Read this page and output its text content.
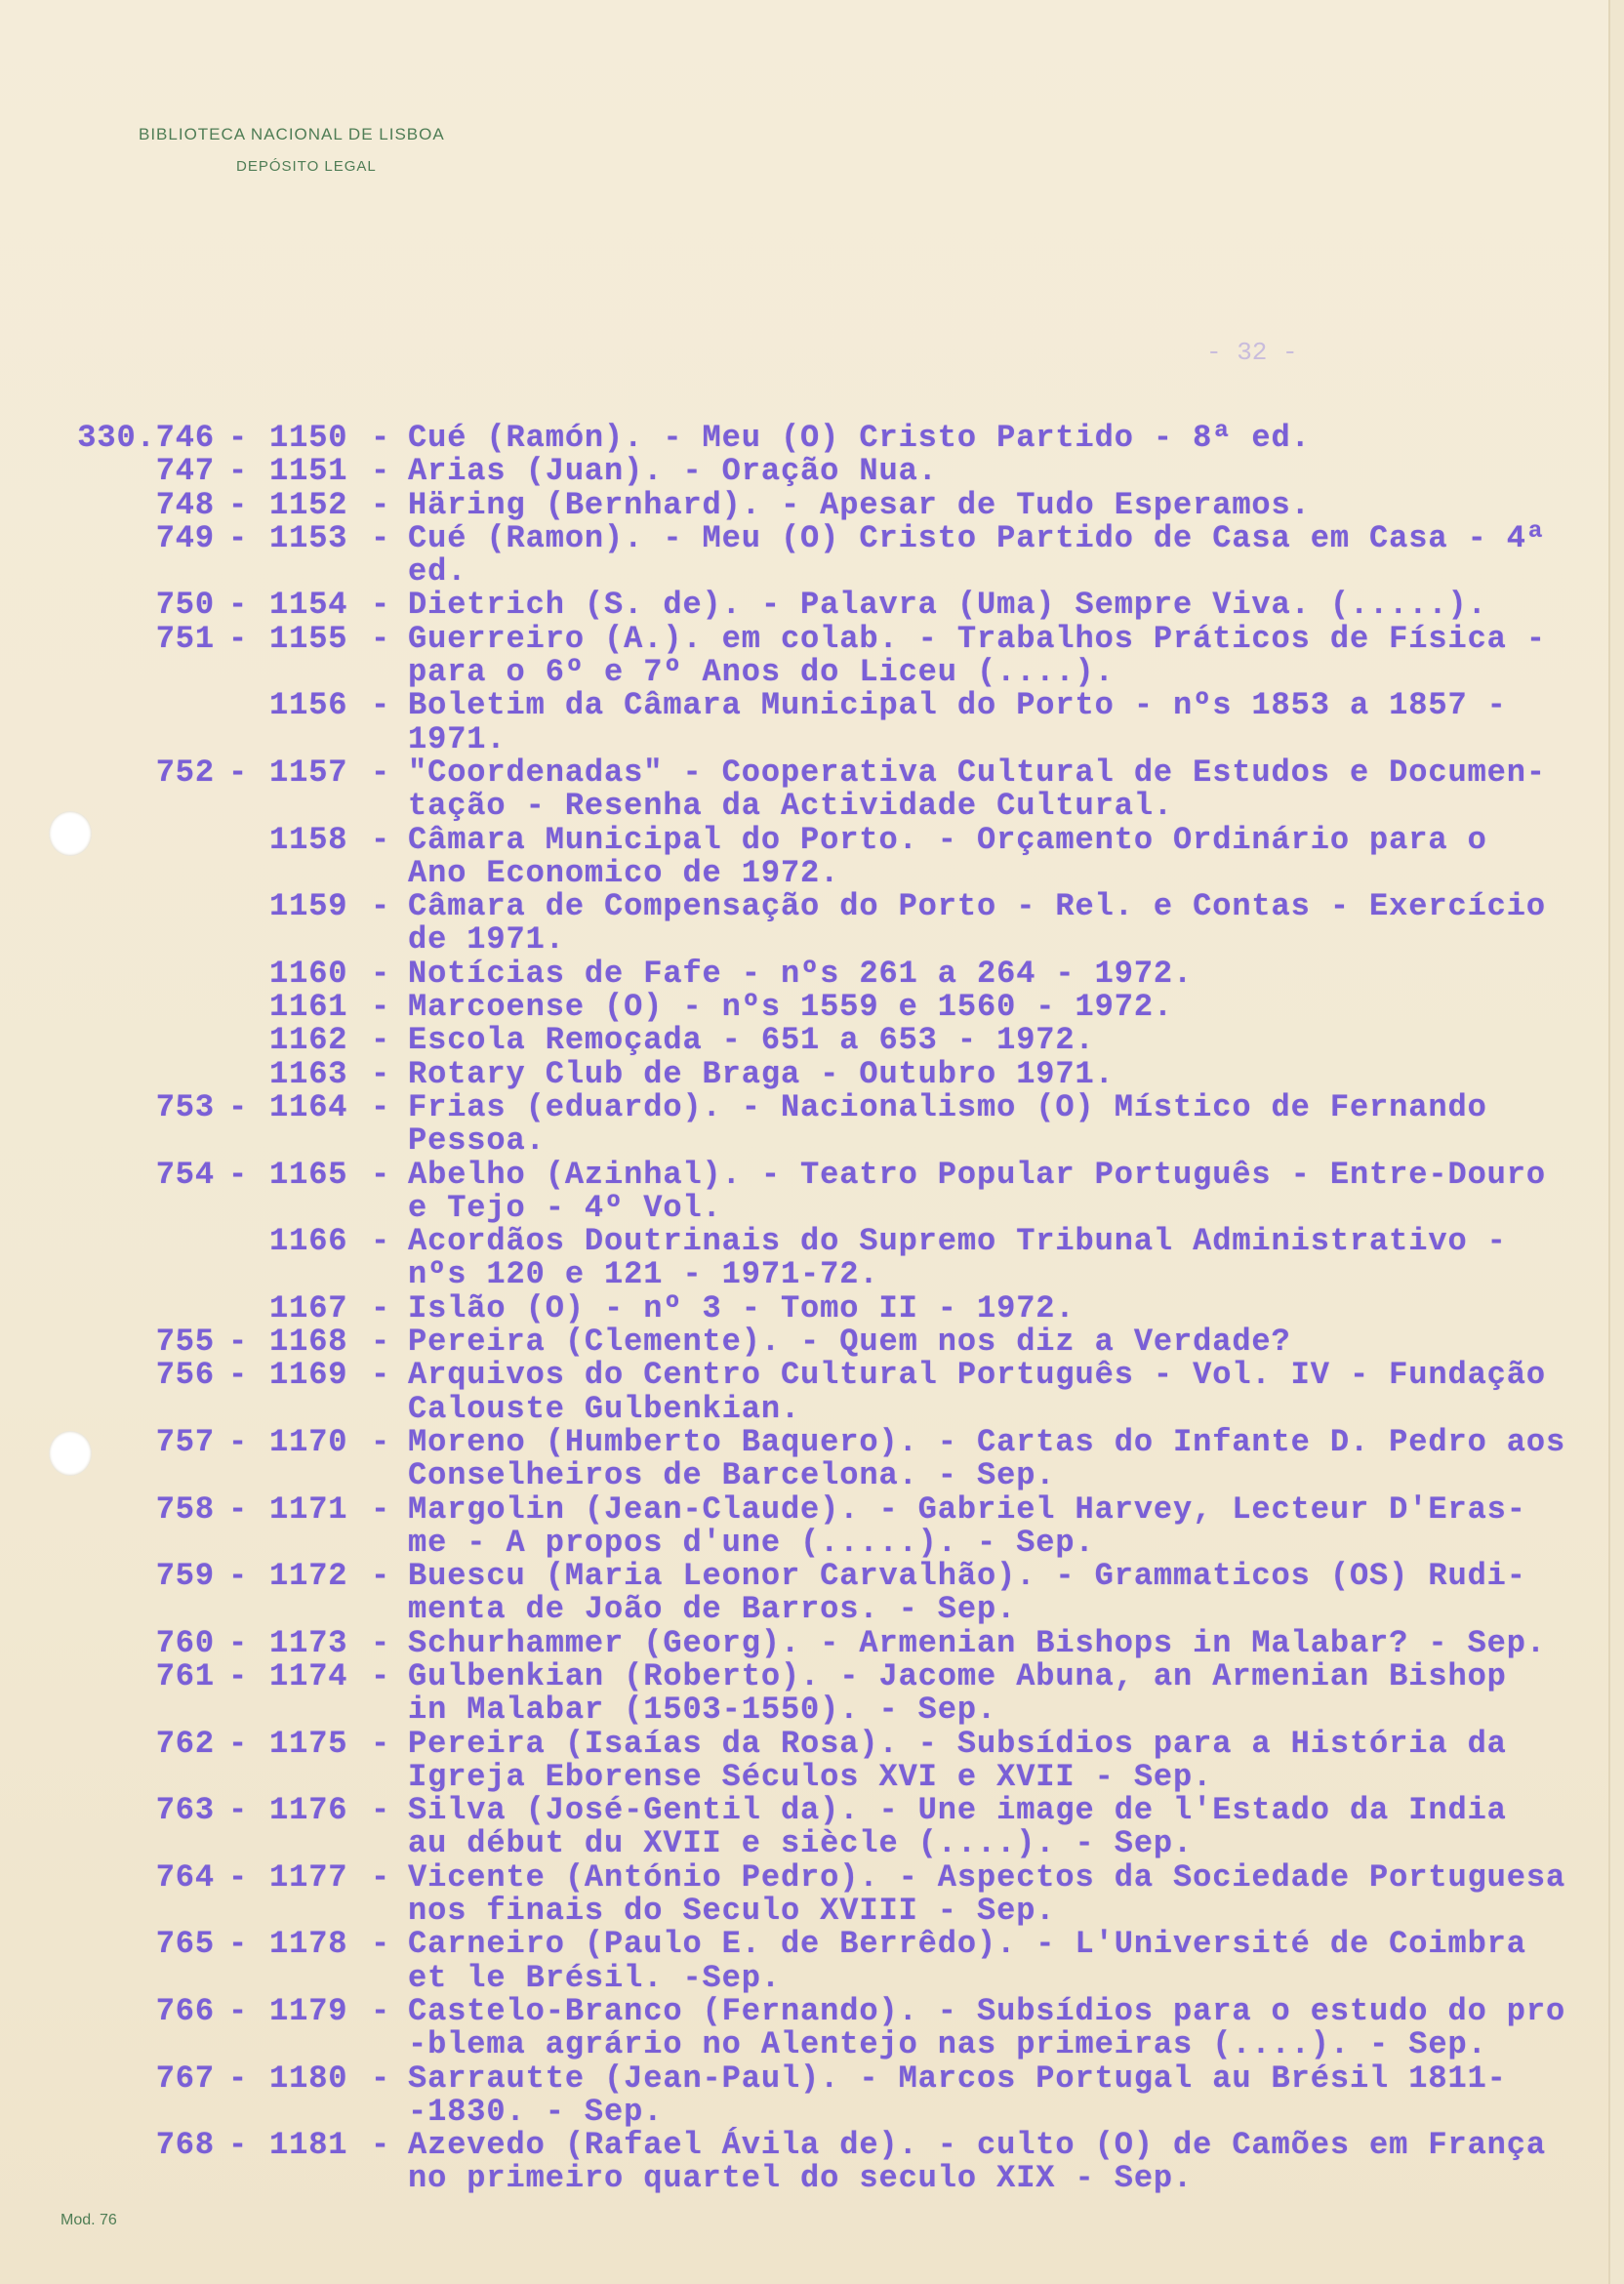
BIBLIOTECA NACIONAL DE LISBOA
DEPÓSITO LEGAL
- 32 -
330.746 - 1150 - Cué (Ramón). - Meu (O) Cristo Partido - 8ª ed.
747 - 1151 - Arias (Juan). - Oração Nua.
748 - 1152 - Häring (Bernhard). - Apesar de Tudo Esperamos.
749 - 1153 - Cué (Ramon). - Meu (O) Cristo Partido de Casa em Casa - 4ª
ed.
750 - 1154 - Dietrich (S. de). - Palavra (Uma) Sempre Viva. (.....).
751 - 1155 - Guerreiro (A.). em colab. - Trabalhos Práticos de Física -
para o 6º e 7º Anos do Liceu (....).
1156 - Boletim da Câmara Municipal do Porto - nºs 1853 a 1857 -
1971.
752 - 1157 - "Coordenadas" - Cooperativa Cultural de Estudos e Documen-
tação - Resenha da Actividade Cultural.
1158 - Câmara Municipal do Porto. - Orçamento Ordinário para o
Ano Economico de 1972.
1159 - Câmara de Compensação do Porto - Rel. e Contas - Exercício
de 1971.
1160 - Notícias de Fafe - nºs 261 a 264 - 1972.
1161 - Marcoense (O) - nºs 1559 e 1560 - 1972.
1162 - Escola Remoçada - 651 a 653 - 1972.
1163 - Rotary Club de Braga - Outubro 1971.
753 - 1164 - Frias (eduardo). - Nacionalismo (O) Místico de Fernando
Pessoa.
754 - 1165 - Abelho (Azinhal). - Teatro Popular Português - Entre-Douro
e Tejo - 4º Vol.
1166 - Acordãos Doutrinais do Supremo Tribunal Administrativo -
nºs 120 e 121 - 1971-72.
1167 - Islão (O) - nº 3 - Tomo II - 1972.
755 - 1168 - Pereira (Clemente). - Quem nos diz a Verdade?
756 - 1169 - Arquivos do Centro Cultural Português - Vol. IV - Fundação
Calouste Gulbenkian.
757 - 1170 - Moreno (Humberto Baquero). - Cartas do Infante D. Pedro aos
Conselheiros de Barcelona. - Sep.
758 - 1171 - Margolin (Jean-Claude). - Gabriel Harvey, Lecteur D'Eras-
me - A propos d'une (.....). - Sep.
759 - 1172 - Buescu (Maria Leonor Carvalhão). - Grammaticos (OS) Rudi-
menta de João de Barros. - Sep.
760 - 1173 - Schurhammer (Georg). - Armenian Bishops in Malabar? - Sep.
761 - 1174 - Gulbenkian (Roberto). - Jacome Abuna, an Armenian Bishop
in Malabar (1503-1550). - Sep.
762 - 1175 - Pereira (Isaías da Rosa). - Subsídios para a História da
Igreja Eborense Séculos XVI e XVII - Sep.
763 - 1176 - Silva (José-Gentil da). - Une image de l'Estado da India
au début du XVII e siècle (....). - Sep.
764 - 1177 - Vicente (António Pedro). - Aspectos da Sociedade Portuguesa
nos finais do Seculo XVIII - Sep.
765 - 1178 - Carneiro (Paulo E. de Berrêdo). - L'Université de Coimbra
et le Brésil. -Sep.
766 - 1179 - Castelo-Branco (Fernando). - Subsídios para o estudo do pro
-blema agrário no Alentejo nas primeiras (....). - Sep.
767 - 1180 - Sarrautte (Jean-Paul). - Marcos Portugal au Brésil 1811-
-1830. - Sep.
768 - 1181 - Azevedo (Rafael Ávila de). - culto (O) de Camões em França
no primeiro quartel do seculo XIX - Sep.
Mod. 76
